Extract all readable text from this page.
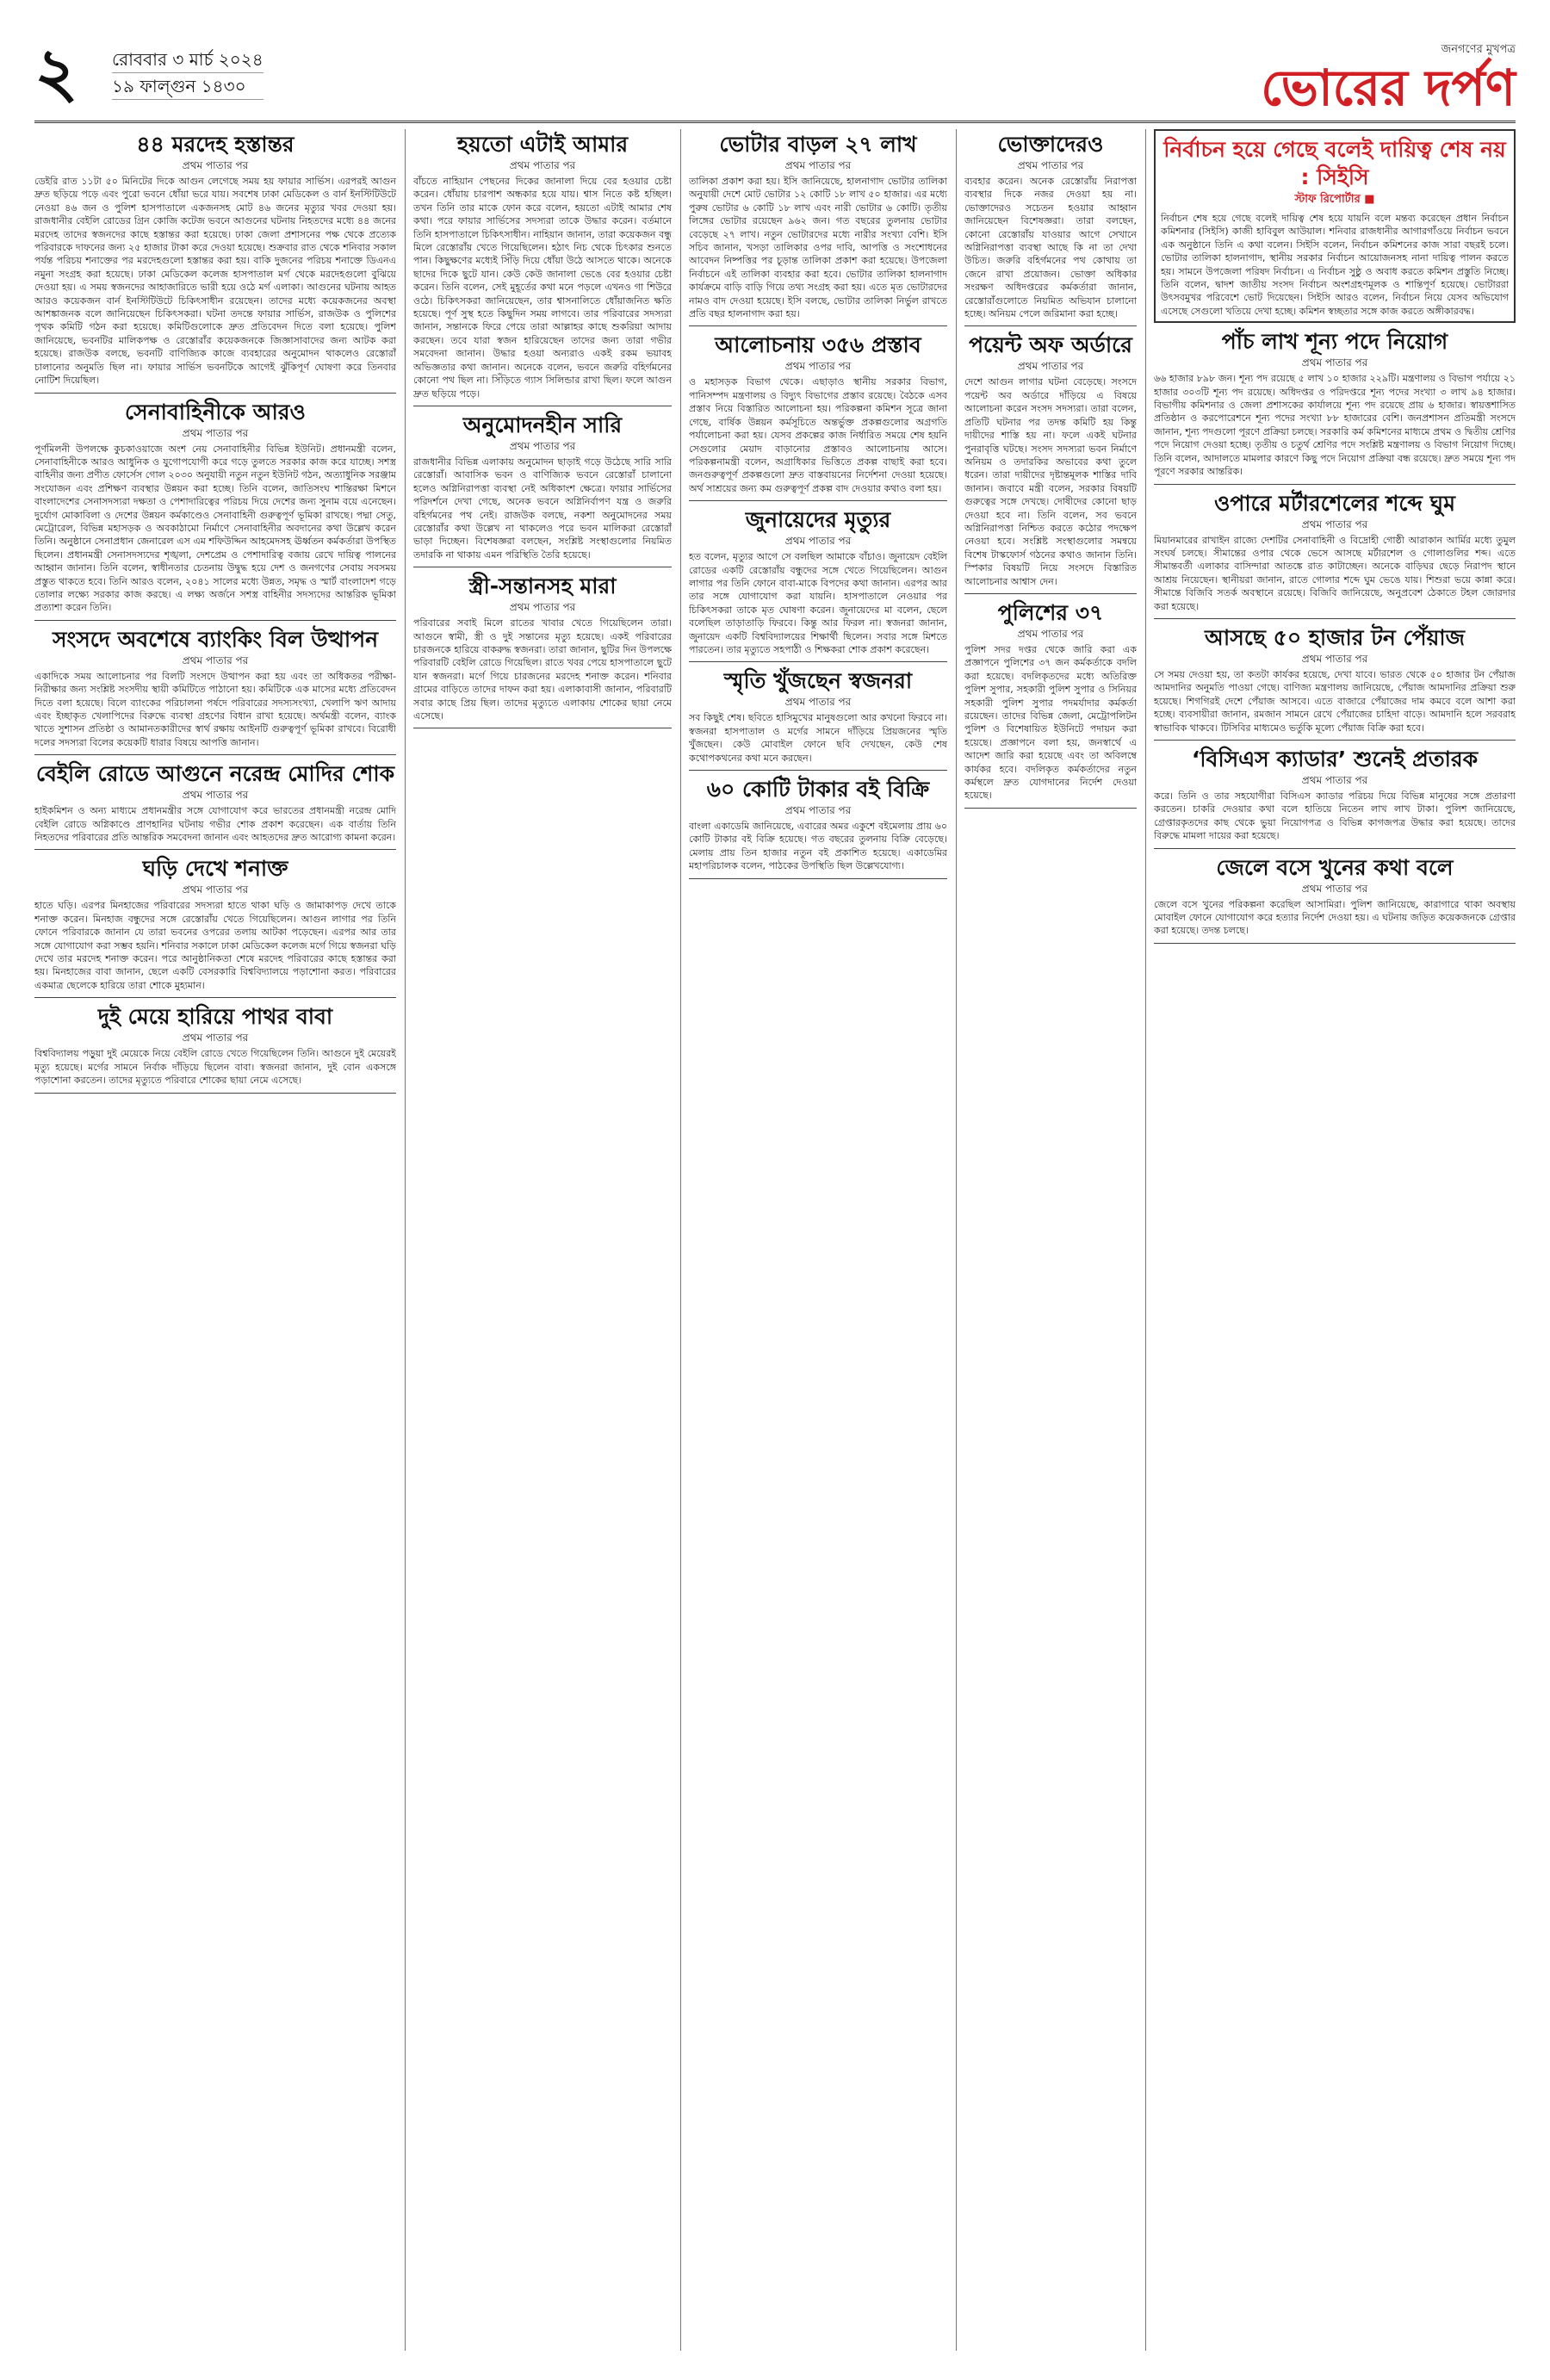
২ রোববার ৩ মার্চ ২০২৪
১৯ ফাল্গুন ১৪৩০
জনগণের মুখপত্র
ভোরের দর্পণ
৪৪ মরদেহ হস্তান্তর
প্রথম পাতার পর
ডেইরি রাত ১১টা ৫০ মিনিটের দিকে আগুন লেগেছে সময় হয় ফায়ার সার্ভিস। এরপরই আগুন দ্রুত ছড়িয়ে পড়ে এবং পুরো ভবনে ধোঁয়া ভরে যায়। সবশেষ ঢাকা মেডিকেল ও বার্ন ইনস্টিটিউটে নেওয়া ৪৬ জন ও পুলিশ হাসপাতালে একজনসহ মোট ৪৬ জনের মৃত্যুর খবর দেওয়া হয়। রাজধানীর বেইলি রোডের গ্রিন কোজি কটেজ ভবনে আগুনের ঘটনায় নিহতদের মধ্যে ৪৪ জনের মরদেহ তাদের স্বজনদের কাছে হস্তান্তর করা হয়েছে। ঢাকা জেলা প্রশাসনের পক্ষ থেকে প্রত্যেক পরিবারকে দাফনের জন্য ২৫ হাজার টাকা করে দেওয়া হয়েছে। শুক্রবার রাত থেকে শনিবার সকাল পর্যন্ত পরিচয় শনাক্তের পর মরদেহগুলো হস্তান্তর করা হয়। বাকি দুজনের পরিচয় শনাক্তে ডিএনএ নমুনা সংগ্রহ করা হয়েছে। ঢাকা মেডিকেল কলেজ হাসপাতাল মর্গ থেকে মরদেহগুলো বুঝিয়ে দেওয়া হয়। এ সময় স্বজনদের আহাজারিতে ভারী হয়ে ওঠে মর্গ এলাকা। আগুনের ঘটনায় আহত আরও কয়েকজন বার্ন ইনস্টিটিউটে চিকিৎসাধীন রয়েছেন। তাদের মধ্যে কয়েকজনের অবস্থা আশঙ্কাজনক বলে জানিয়েছেন চিকিৎসকরা। ঘটনা তদন্তে ফায়ার সার্ভিস, রাজউক ও পুলিশের পৃথক কমিটি গঠন করা হয়েছে। কমিটিগুলোকে দ্রুত প্রতিবেদন দিতে বলা হয়েছে। পুলিশ জানিয়েছে, ভবনটির মালিকপক্ষ ও রেস্তোরাঁর কয়েকজনকে জিজ্ঞাসাবাদের জন্য আটক করা হয়েছে। রাজউক বলছে, ভবনটি বাণিজ্যিক কাজে ব্যবহারের অনুমোদন থাকলেও রেস্তোরাঁ চালানোর অনুমতি ছিল না। ফায়ার সার্ভিস ভবনটিকে আগেই ঝুঁকিপূর্ণ ঘোষণা করে তিনবার নোটিশ দিয়েছিল।
সেনাবাহিনীকে আরও
প্রথম পাতার পর
পূর্ণমিলনী উপলক্ষে কুচকাওয়াজে অংশ নেয় সেনাবাহিনীর বিভিন্ন ইউনিট। প্রধানমন্ত্রী বলেন, সেনাবাহিনীকে আরও আধুনিক ও যুগোপযোগী করে গড়ে তুলতে সরকার কাজ করে যাচ্ছে। সশস্ত্র বাহিনীর জন্য প্রণীত ফোর্সেস গোল ২০৩০ অনুযায়ী নতুন নতুন ইউনিট গঠন, অত্যাধুনিক সরঞ্জাম সংযোজন এবং প্রশিক্ষণ ব্যবস্থার উন্নয়ন করা হচ্ছে। তিনি বলেন, জাতিসংঘ শান্তিরক্ষা মিশনে বাংলাদেশের সেনাসদস্যরা দক্ষতা ও পেশাদারিত্বের পরিচয় দিয়ে দেশের জন্য সুনাম বয়ে এনেছেন। দুর্যোগ মোকাবিলা ও দেশের উন্নয়ন কর্মকাণ্ডেও সেনাবাহিনী গুরুত্বপূর্ণ ভূমিকা রাখছে। পদ্মা সেতু, মেট্রোরেল, বিভিন্ন মহাসড়ক ও অবকাঠামো নির্মাণে সেনাবাহিনীর অবদানের কথা উল্লেখ করেন তিনি। অনুষ্ঠানে সেনাপ্রধান জেনারেল এস এম শফিউদ্দিন আহমেদসহ ঊর্ধ্বতন কর্মকর্তারা উপস্থিত ছিলেন। প্রধানমন্ত্রী সেনাসদস্যদের শৃঙ্খলা, দেশপ্রেম ও পেশাদারিত্ব বজায় রেখে দায়িত্ব পালনের আহ্বান জানান। তিনি বলেন, স্বাধীনতার চেতনায় উদ্বুদ্ধ হয়ে দেশ ও জনগণের সেবায় সবসময় প্রস্তুত থাকতে হবে। তিনি আরও বলেন, ২০৪১ সালের মধ্যে উন্নত, সমৃদ্ধ ও স্মার্ট বাংলাদেশ গড়ে তোলার লক্ষ্যে সরকার কাজ করছে। এ লক্ষ্য অর্জনে সশস্ত্র বাহিনীর সদস্যদের আন্তরিক ভূমিকা প্রত্যাশা করেন তিনি।
সংসদে অবশেষে ব্যাংকিং বিল উত্থাপন
প্রথম পাতার পর
একাদিকে সময় আলোচনার পর বিলটি সংসদে উত্থাপন করা হয় এবং তা অধিকতর পরীক্ষা-নিরীক্ষার জন্য সংশ্লিষ্ট সংসদীয় স্থায়ী কমিটিতে পাঠানো হয়। কমিটিকে এক মাসের মধ্যে প্রতিবেদন দিতে বলা হয়েছে। বিলে ব্যাংকের পরিচালনা পর্ষদে পরিবারের সদস্যসংখ্যা, খেলাপি ঋণ আদায় এবং ইচ্ছাকৃত খেলাপিদের বিরুদ্ধে ব্যবস্থা গ্রহণের বিধান রাখা হয়েছে। অর্থমন্ত্রী বলেন, ব্যাংক খাতে সুশাসন প্রতিষ্ঠা ও আমানতকারীদের স্বার্থ রক্ষায় আইনটি গুরুত্বপূর্ণ ভূমিকা রাখবে। বিরোধী দলের সদস্যরা বিলের কয়েকটি ধারার বিষয়ে আপত্তি জানান।
বেইলি রোডে আগুনে নরেন্দ্র মোদির শোক
প্রথম পাতার পর
হাইকমিশন ও অন্য মাধ্যমে প্রধানমন্ত্রীর সঙ্গে যোগাযোগ করে ভারতের প্রধানমন্ত্রী নরেন্দ্র মোদি বেইলি রোডে অগ্নিকাণ্ডে প্রাণহানির ঘটনায় গভীর শোক প্রকাশ করেছেন। এক বার্তায় তিনি নিহতদের পরিবারের প্রতি আন্তরিক সমবেদনা জানান এবং আহতদের দ্রুত আরোগ্য কামনা করেন।
ঘড়ি দেখে শনাক্ত
প্রথম পাতার পর
হাতে ঘড়ি। এরপর মিনহাজের পরিবারের সদস্যরা হাতে থাকা ঘড়ি ও জামাকাপড় দেখে তাকে শনাক্ত করেন। মিনহাজ বন্ধুদের সঙ্গে রেস্তোরাঁয় খেতে গিয়েছিলেন। আগুন লাগার পর তিনি ফোনে পরিবারকে জানান যে তারা ভবনের ওপরের তলায় আটকা পড়েছেন। এরপর আর তার সঙ্গে যোগাযোগ করা সম্ভব হয়নি। শনিবার সকালে ঢাকা মেডিকেল কলেজ মর্গে গিয়ে স্বজনরা ঘড়ি দেখে তার মরদেহ শনাক্ত করেন। পরে আনুষ্ঠানিকতা শেষে মরদেহ পরিবারের কাছে হস্তান্তর করা হয়। মিনহাজের বাবা জানান, ছেলে একটি বেসরকারি বিশ্ববিদ্যালয়ে পড়াশোনা করত। পরিবারের একমাত্র ছেলেকে হারিয়ে তারা শোকে মুহ্যমান।
দুই মেয়ে হারিয়ে পাথর বাবা
প্রথম পাতার পর
বিশ্ববিদ্যালয় পড়ুয়া দুই মেয়েকে নিয়ে বেইলি রোডে খেতে গিয়েছিলেন তিনি। আগুনে দুই মেয়েরই মৃত্যু হয়েছে। মর্গের সামনে নির্বাক দাঁড়িয়ে ছিলেন বাবা। স্বজনরা জানান, দুই বোন একসঙ্গে পড়াশোনা করতেন। তাদের মৃত্যুতে পরিবারে শোকের ছায়া নেমে এসেছে।
হয়তো এটাই আমার
প্রথম পাতার পর
বাঁচতে নাহিয়ান পেছনের দিকের জানালা দিয়ে বের হওয়ার চেষ্টা করেন। ধোঁয়ায় চারপাশ অন্ধকার হয়ে যায়। শ্বাস নিতে কষ্ট হচ্ছিল। তখন তিনি তার মাকে ফোন করে বলেন, হয়তো এটাই আমার শেষ কথা। পরে ফায়ার সার্ভিসের সদস্যরা তাকে উদ্ধার করেন। বর্তমানে তিনি হাসপাতালে চিকিৎসাধীন। নাহিয়ান জানান, তারা কয়েকজন বন্ধু মিলে রেস্তোরাঁয় খেতে গিয়েছিলেন। হঠাৎ নিচ থেকে চিৎকার শুনতে পান। কিছুক্ষণের মধ্যেই সিঁড়ি দিয়ে ধোঁয়া উঠে আসতে থাকে। অনেকে ছাদের দিকে ছুটে যান। কেউ কেউ জানালা ভেঙে বের হওয়ার চেষ্টা করেন। তিনি বলেন, সেই মুহূর্তের কথা মনে পড়লে এখনও গা শিউরে ওঠে। চিকিৎসকরা জানিয়েছেন, তার শ্বাসনালিতে ধোঁয়াজনিত ক্ষতি হয়েছে। পূর্ণ সুস্থ হতে কিছুদিন সময় লাগবে। তার পরিবারের সদস্যরা জানান, সন্তানকে ফিরে পেয়ে তারা আল্লাহর কাছে শুকরিয়া আদায় করছেন। তবে যারা স্বজন হারিয়েছেন তাদের জন্য তারা গভীর সমবেদনা জানান। উদ্ধার হওয়া অন্যরাও একই রকম ভয়াবহ অভিজ্ঞতার কথা জানান। অনেকে বলেন, ভবনে জরুরি বহির্গমনের কোনো পথ ছিল না। সিঁড়িতে গ্যাস সিলিন্ডার রাখা ছিল। ফলে আগুন দ্রুত ছড়িয়ে পড়ে।
অনুমোদনহীন সারি
প্রথম পাতার পর
রাজধানীর বিভিন্ন এলাকায় অনুমোদন ছাড়াই গড়ে উঠেছে সারি সারি রেস্তোরাঁ। আবাসিক ভবন ও বাণিজ্যিক ভবনে রেস্তোরাঁ চালানো হলেও অগ্নিনিরাপত্তা ব্যবস্থা নেই অধিকাংশ ক্ষেত্রে। ফায়ার সার্ভিসের পরিদর্শনে দেখা গেছে, অনেক ভবনে অগ্নিনির্বাপণ যন্ত্র ও জরুরি বহির্গমনের পথ নেই। রাজউক বলছে, নকশা অনুমোদনের সময় রেস্তোরাঁর কথা উল্লেখ না থাকলেও পরে ভবন মালিকরা রেস্তোরাঁ ভাড়া দিচ্ছেন। বিশেষজ্ঞরা বলছেন, সংশ্লিষ্ট সংস্থাগুলোর নিয়মিত তদারকি না থাকায় এমন পরিস্থিতি তৈরি হয়েছে।
স্ত্রী-সন্তানসহ মারা
প্রথম পাতার পর
পরিবারের সবাই মিলে রাতের খাবার খেতে গিয়েছিলেন তারা। আগুনে স্বামী, স্ত্রী ও দুই সন্তানের মৃত্যু হয়েছে। একই পরিবারের চারজনকে হারিয়ে বাকরুদ্ধ স্বজনরা। তারা জানান, ছুটির দিন উপলক্ষে পরিবারটি বেইলি রোডে গিয়েছিল। রাতে খবর পেয়ে হাসপাতালে ছুটে যান স্বজনরা। মর্গে গিয়ে চারজনের মরদেহ শনাক্ত করেন। শনিবার গ্রামের বাড়িতে তাদের দাফন করা হয়। এলাকাবাসী জানান, পরিবারটি সবার কাছে প্রিয় ছিল। তাদের মৃত্যুতে এলাকায় শোকের ছায়া নেমে এসেছে।
ভোটার বাড়ল ২৭ লাখ
প্রথম পাতার পর
তালিকা প্রকাশ করা হয়। ইসি জানিয়েছে, হালনাগাদ ভোটার তালিকা অনুযায়ী দেশে মোট ভোটার ১২ কোটি ১৮ লাখ ৫০ হাজার। এর মধ্যে পুরুষ ভোটার ৬ কোটি ১৮ লাখ এবং নারী ভোটার ৬ কোটি। তৃতীয় লিঙ্গের ভোটার রয়েছেন ৯৬২ জন। গত বছরের তুলনায় ভোটার বেড়েছে ২৭ লাখ। নতুন ভোটারদের মধ্যে নারীর সংখ্যা বেশি। ইসি সচিব জানান, খসড়া তালিকার ওপর দাবি, আপত্তি ও সংশোধনের আবেদন নিষ্পত্তির পর চূড়ান্ত তালিকা প্রকাশ করা হয়েছে। উপজেলা নির্বাচনে এই তালিকা ব্যবহার করা হবে। ভোটার তালিকা হালনাগাদ কার্যক্রমে বাড়ি বাড়ি গিয়ে তথ্য সংগ্রহ করা হয়। এতে মৃত ভোটারদের নামও বাদ দেওয়া হয়েছে। ইসি বলছে, ভোটার তালিকা নির্ভুল রাখতে প্রতি বছর হালনাগাদ করা হয়।
আলোচনায় ৩৫৬ প্রস্তাব
প্রথম পাতার পর
ও মহাসড়ক বিভাগ থেকে। এছাড়াও স্থানীয় সরকার বিভাগ, পানিসম্পদ মন্ত্রণালয় ও বিদ্যুৎ বিভাগের প্রস্তাব রয়েছে। বৈঠকে এসব প্রস্তাব নিয়ে বিস্তারিত আলোচনা হয়। পরিকল্পনা কমিশন সূত্রে জানা গেছে, বার্ষিক উন্নয়ন কর্মসূচিতে অন্তর্ভুক্ত প্রকল্পগুলোর অগ্রগতি পর্যালোচনা করা হয়। যেসব প্রকল্পের কাজ নির্ধারিত সময়ে শেষ হয়নি সেগুলোর মেয়াদ বাড়ানোর প্রস্তাবও আলোচনায় আসে। পরিকল্পনামন্ত্রী বলেন, অগ্রাধিকার ভিত্তিতে প্রকল্প বাছাই করা হবে। জনগুরুত্বপূর্ণ প্রকল্পগুলো দ্রুত বাস্তবায়নের নির্দেশনা দেওয়া হয়েছে। অর্থ সাশ্রয়ের জন্য কম গুরুত্বপূর্ণ প্রকল্প বাদ দেওয়ার কথাও বলা হয়।
জুনায়েদের মৃত্যুর
প্রথম পাতার পর
হত বলেন, মৃত্যুর আগে সে বলছিল আমাকে বাঁচাও। জুনায়েদ বেইলি রোডের একটি রেস্তোরাঁয় বন্ধুদের সঙ্গে খেতে গিয়েছিলেন। আগুন লাগার পর তিনি ফোনে বাবা-মাকে বিপদের কথা জানান। এরপর আর তার সঙ্গে যোগাযোগ করা যায়নি। হাসপাতালে নেওয়ার পর চিকিৎসকরা তাকে মৃত ঘোষণা করেন। জুনায়েদের মা বলেন, ছেলে বলেছিল তাড়াতাড়ি ফিরবে। কিন্তু আর ফিরল না। স্বজনরা জানান, জুনায়েদ একটি বিশ্ববিদ্যালয়ের শিক্ষার্থী ছিলেন। সবার সঙ্গে মিশতে পারতেন। তার মৃত্যুতে সহপাঠী ও শিক্ষকরা শোক প্রকাশ করেছেন।
স্মৃতি খুঁজছেন স্বজনরা
প্রথম পাতার পর
সব কিছুই শেষ। ছবিতে হাসিমুখের মানুষগুলো আর কখনো ফিরবে না। স্বজনরা হাসপাতাল ও মর্গের সামনে দাঁড়িয়ে প্রিয়জনের স্মৃতি খুঁজছেন। কেউ মোবাইল ফোনে ছবি দেখছেন, কেউ শেষ কথোপকথনের কথা মনে করছেন।
৬০ কোটি টাকার বই বিক্রি
প্রথম পাতার পর
বাংলা একাডেমি জানিয়েছে, এবারের অমর একুশে বইমেলায় প্রায় ৬০ কোটি টাকার বই বিক্রি হয়েছে। গত বছরের তুলনায় বিক্রি বেড়েছে। মেলায় প্রায় তিন হাজার নতুন বই প্রকাশিত হয়েছে। একাডেমির মহাপরিচালক বলেন, পাঠকের উপস্থিতি ছিল উল্লেখযোগ্য।
ভোক্তাদেরও
প্রথম পাতার পর
ব্যবহার করেন। অনেক রেস্তোরাঁয় নিরাপত্তা ব্যবস্থার দিকে নজর দেওয়া হয় না। ভোক্তাদেরও সচেতন হওয়ার আহ্বান জানিয়েছেন বিশেষজ্ঞরা। তারা বলছেন, কোনো রেস্তোরাঁয় যাওয়ার আগে সেখানে অগ্নিনিরাপত্তা ব্যবস্থা আছে কি না তা দেখা উচিত। জরুরি বহির্গমনের পথ কোথায় তা জেনে রাখা প্রয়োজন। ভোক্তা অধিকার সংরক্ষণ অধিদপ্তরের কর্মকর্তারা জানান, রেস্তোরাঁগুলোতে নিয়মিত অভিযান চালানো হচ্ছে। অনিয়ম পেলে জরিমানা করা হচ্ছে।
পয়েন্ট অফ অর্ডারে
প্রথম পাতার পর
দেশে আগুন লাগার ঘটনা বেড়েছে। সংসদে পয়েন্ট অব অর্ডারে দাঁড়িয়ে এ বিষয়ে আলোচনা করেন সংসদ সদস্যরা। তারা বলেন, প্রতিটি ঘটনার পর তদন্ত কমিটি হয় কিন্তু দায়ীদের শাস্তি হয় না। ফলে একই ঘটনার পুনরাবৃত্তি ঘটছে। সংসদ সদস্যরা ভবন নির্মাণে অনিয়ম ও তদারকির অভাবের কথা তুলে ধরেন। তারা দায়ীদের দৃষ্টান্তমূলক শাস্তির দাবি জানান। জবাবে মন্ত্রী বলেন, সরকার বিষয়টি গুরুত্বের সঙ্গে দেখছে। দোষীদের কোনো ছাড় দেওয়া হবে না। তিনি বলেন, সব ভবনে অগ্নিনিরাপত্তা নিশ্চিত করতে কঠোর পদক্ষেপ নেওয়া হবে। সংশ্লিষ্ট সংস্থাগুলোর সমন্বয়ে বিশেষ টাস্কফোর্স গঠনের কথাও জানান তিনি। স্পিকার বিষয়টি নিয়ে সংসদে বিস্তারিত আলোচনার আশ্বাস দেন।
পুলিশের ৩৭
প্রথম পাতার পর
পুলিশ সদর দপ্তর থেকে জারি করা এক প্রজ্ঞাপনে পুলিশের ৩৭ জন কর্মকর্তাকে বদলি করা হয়েছে। বদলিকৃতদের মধ্যে অতিরিক্ত পুলিশ সুপার, সহকারী পুলিশ সুপার ও সিনিয়র সহকারী পুলিশ সুপার পদমর্যাদার কর্মকর্তা রয়েছেন। তাদের বিভিন্ন জেলা, মেট্রোপলিটন পুলিশ ও বিশেষায়িত ইউনিটে পদায়ন করা হয়েছে। প্রজ্ঞাপনে বলা হয়, জনস্বার্থে এ আদেশ জারি করা হয়েছে এবং তা অবিলম্বে কার্যকর হবে। বদলিকৃত কর্মকর্তাদের নতুন কর্মস্থলে দ্রুত যোগদানের নির্দেশ দেওয়া হয়েছে।
নির্বাচন হয়ে গেছে বলেই দায়িত্ব শেষ নয় : সিইসি
স্টাফ রিপোর্টার ■
নির্বাচন শেষ হয়ে গেছে বলেই দায়িত্ব শেষ হয়ে যায়নি বলে মন্তব্য করেছেন প্রধান নির্বাচন কমিশনার (সিইসি) কাজী হাবিবুল আউয়াল। শনিবার রাজধানীর আগারগাঁওয়ে নির্বাচন ভবনে এক অনুষ্ঠানে তিনি এ কথা বলেন। সিইসি বলেন, নির্বাচন কমিশনের কাজ সারা বছরই চলে। ভোটার তালিকা হালনাগাদ, স্থানীয় সরকার নির্বাচন আয়োজনসহ নানা দায়িত্ব পালন করতে হয়। সামনে উপজেলা পরিষদ নির্বাচন। এ নির্বাচন সুষ্ঠু ও অবাধ করতে কমিশন প্রস্তুতি নিচ্ছে। তিনি বলেন, দ্বাদশ জাতীয় সংসদ নির্বাচন অংশগ্রহণমূলক ও শান্তিপূর্ণ হয়েছে। ভোটাররা উৎসবমুখর পরিবেশে ভোট দিয়েছেন। সিইসি আরও বলেন, নির্বাচন নিয়ে যেসব অভিযোগ এসেছে সেগুলো খতিয়ে দেখা হচ্ছে। কমিশন স্বচ্ছতার সঙ্গে কাজ করতে অঙ্গীকারবদ্ধ।
পাঁচ লাখ শূন্য পদে নিয়োগ
প্রথম পাতার পর
৬৬ হাজার ৮৯৮ জন। শূন্য পদ রয়েছে ৫ লাখ ১০ হাজার ২২৯টি। মন্ত্রণালয় ও বিভাগ পর্যায়ে ২১ হাজার ৩০৩টি শূন্য পদ রয়েছে। অধিদপ্তর ও পরিদপ্তরে শূন্য পদের সংখ্যা ৩ লাখ ৯৪ হাজার। বিভাগীয় কমিশনার ও জেলা প্রশাসকের কার্যালয়ে শূন্য পদ রয়েছে প্রায় ৬ হাজার। স্বায়ত্তশাসিত প্রতিষ্ঠান ও করপোরেশনে শূন্য পদের সংখ্যা ৮৮ হাজারের বেশি। জনপ্রশাসন প্রতিমন্ত্রী সংসদে জানান, শূন্য পদগুলো পূরণে প্রক্রিয়া চলছে। সরকারি কর্ম কমিশনের মাধ্যমে প্রথম ও দ্বিতীয় শ্রেণির পদে নিয়োগ দেওয়া হচ্ছে। তৃতীয় ও চতুর্থ শ্রেণির পদে সংশ্লিষ্ট মন্ত্রণালয় ও বিভাগ নিয়োগ দিচ্ছে। তিনি বলেন, আদালতে মামলার কারণে কিছু পদে নিয়োগ প্রক্রিয়া বন্ধ রয়েছে। দ্রুত সময়ে শূন্য পদ পূরণে সরকার আন্তরিক।
ওপারে মর্টারশেলের শব্দে ঘুম
প্রথম পাতার পর
মিয়ানমারের রাখাইন রাজ্যে দেশটির সেনাবাহিনী ও বিদ্রোহী গোষ্ঠী আরাকান আর্মির মধ্যে তুমুল সংঘর্ষ চলছে। সীমান্তের ওপার থেকে ভেসে আসছে মর্টারশেল ও গোলাগুলির শব্দ। এতে সীমান্তবর্তী এলাকার বাসিন্দারা আতঙ্কে রাত কাটাচ্ছেন। অনেকে বাড়িঘর ছেড়ে নিরাপদ স্থানে আশ্রয় নিয়েছেন। স্থানীয়রা জানান, রাতে গোলার শব্দে ঘুম ভেঙে যায়। শিশুরা ভয়ে কান্না করে। সীমান্তে বিজিবি সতর্ক অবস্থানে রয়েছে। বিজিবি জানিয়েছে, অনুপ্রবেশ ঠেকাতে টহল জোরদার করা হয়েছে।
আসছে ৫০ হাজার টন পেঁয়াজ
প্রথম পাতার পর
সে সময় দেওয়া হয়, তা কতটা কার্যকর হয়েছে, দেখা যাবে। ভারত থেকে ৫০ হাজার টন পেঁয়াজ আমদানির অনুমতি পাওয়া গেছে। বাণিজ্য মন্ত্রণালয় জানিয়েছে, পেঁয়াজ আমদানির প্রক্রিয়া শুরু হয়েছে। শিগগিরই দেশে পেঁয়াজ আসবে। এতে বাজারে পেঁয়াজের দাম কমবে বলে আশা করা হচ্ছে। ব্যবসায়ীরা জানান, রমজান সামনে রেখে পেঁয়াজের চাহিদা বাড়ে। আমদানি হলে সরবরাহ স্বাভাবিক থাকবে। টিসিবির মাধ্যমেও ভর্তুকি মূল্যে পেঁয়াজ বিক্রি করা হবে।
‘বিসিএস ক্যাডার’ শুনেই প্রতারক
প্রথম পাতার পর
করে। তিনি ও তার সহযোগীরা বিসিএস ক্যাডার পরিচয় দিয়ে বিভিন্ন মানুষের সঙ্গে প্রতারণা করতেন। চাকরি দেওয়ার কথা বলে হাতিয়ে নিতেন লাখ লাখ টাকা। পুলিশ জানিয়েছে, গ্রেপ্তারকৃতদের কাছ থেকে ভুয়া নিয়োগপত্র ও বিভিন্ন কাগজপত্র উদ্ধার করা হয়েছে। তাদের বিরুদ্ধে মামলা দায়ের করা হয়েছে।
জেলে বসে খুনের কথা বলে
প্রথম পাতার পর
জেলে বসে খুনের পরিকল্পনা করেছিল আসামিরা। পুলিশ জানিয়েছে, কারাগারে থাকা অবস্থায় মোবাইল ফোনে যোগাযোগ করে হত্যার নির্দেশ দেওয়া হয়। এ ঘটনায় জড়িত কয়েকজনকে গ্রেপ্তার করা হয়েছে। তদন্ত চলছে।
